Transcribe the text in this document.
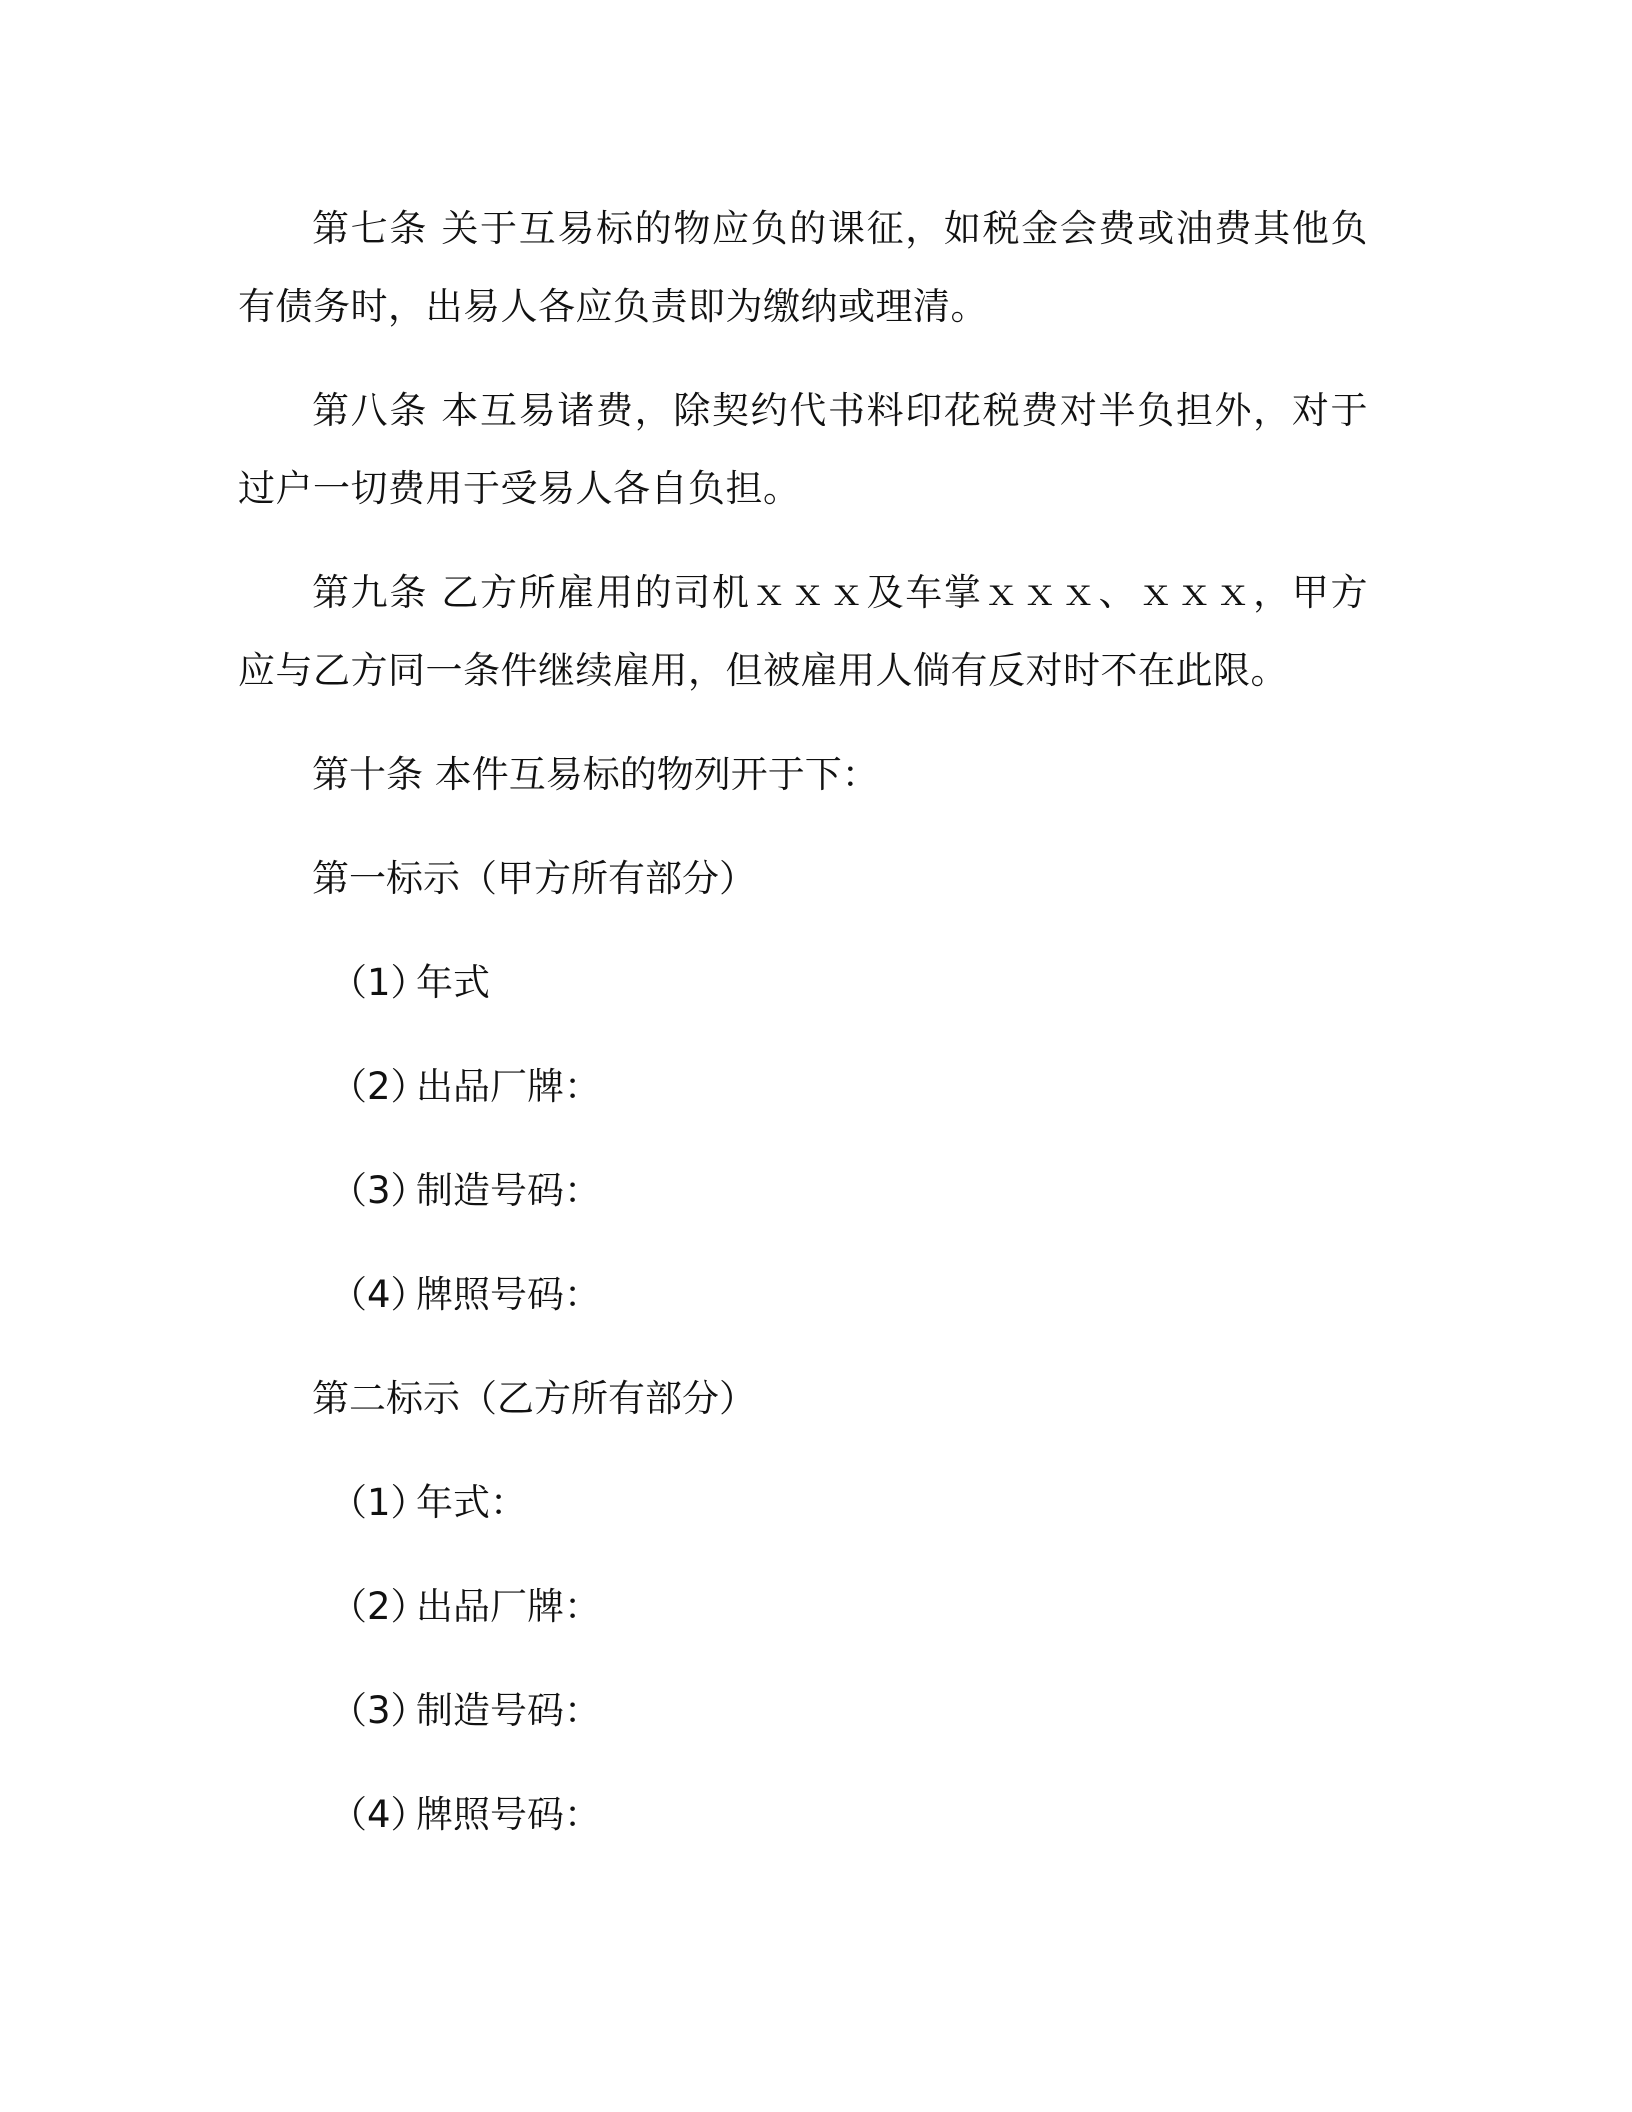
第七条 关于互易标的物应负的课征，如税金会费或油费其他负有债务时，出易人各应负责即为缴纳或理清。

第八条 本互易诸费，除契约代书料印花税费对半负担外，对于过户一切费用于受易人各自负担。

第九条 乙方所雇用的司机ｘｘｘ及车掌ｘｘｘ、ｘｘｘ，甲方应与乙方同一条件继续雇用，但被雇用人倘有反对时不在此限。

第十条 本件互易标的物列开于下：

第一标示（甲方所有部分）

（1）年式

（2）出品厂牌：

（3）制造号码：

（4）牌照号码：

第二标示（乙方所有部分）

（1）年式：

（2）出品厂牌：

（3）制造号码：

（4）牌照号码：
